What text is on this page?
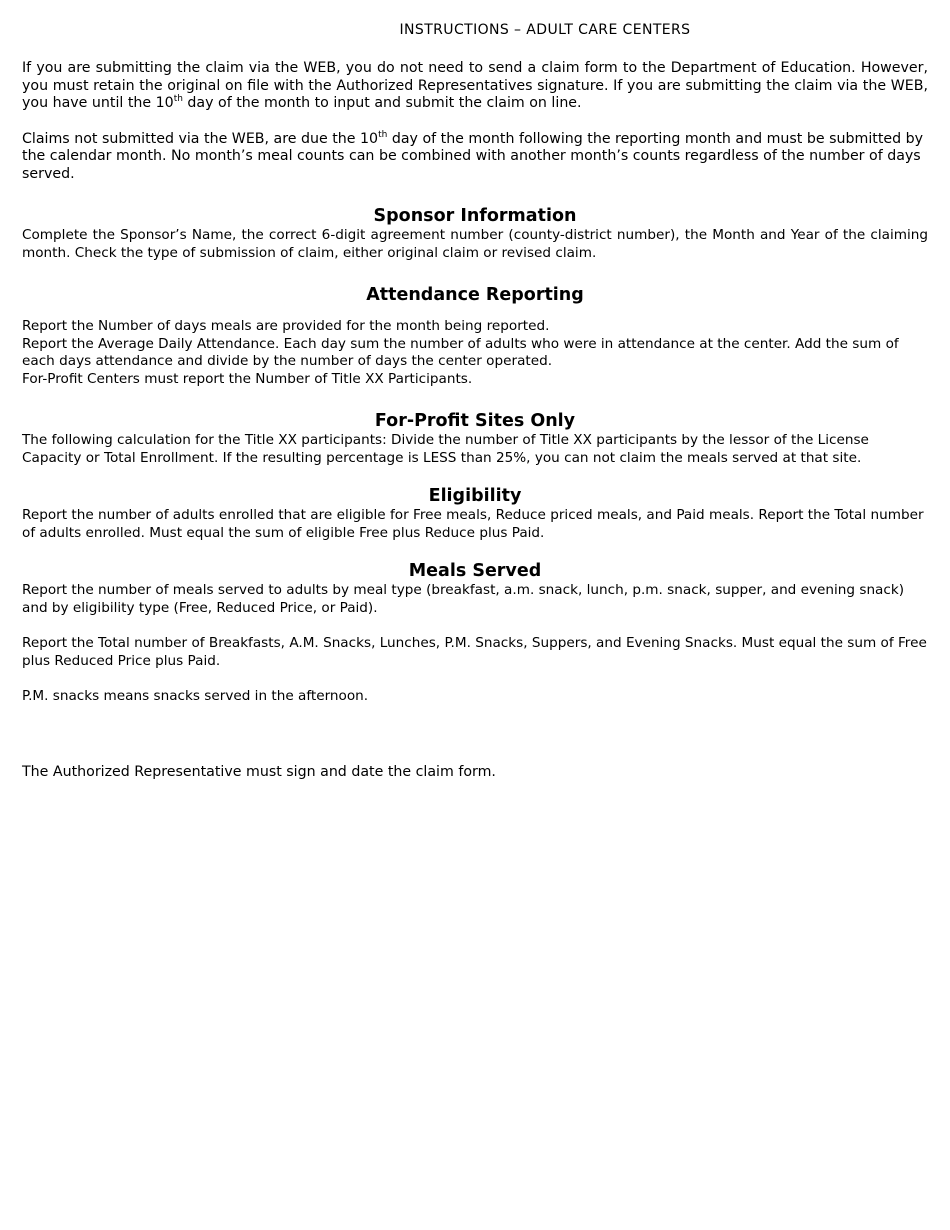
INSTRUCTIONS – ADULT CARE CENTERS

If you are submitting the claim via the WEB, you do not need to send a claim form to the Department of Education. However, you must retain the original on file with the Authorized Representatives signature. If you are submitting the claim via the WEB, you have until the 10th day of the month to input and submit the claim on line.

Claims not submitted via the WEB, are due the 10th day of the month following the reporting month and must be submitted by the calendar month. No month’s meal counts can be combined with another month’s counts regardless of the number of days served.

Sponsor Information

Complete the Sponsor’s Name, the correct 6-digit agreement number (county-district number), the Month and Year of the claiming month. Check the type of submission of claim, either original claim or revised claim.

Attendance Reporting

Report the Number of days meals are provided for the month being reported.

Report the Average Daily Attendance. Each day sum the number of adults who were in attendance at the center. Add the sum of each days attendance and divide by the number of days the center operated.

For-Profit Centers must report the Number of Title XX Participants.

For-Profit Sites Only

The following calculation for the Title XX participants: Divide the number of Title XX participants by the lessor of the License Capacity or Total Enrollment. If the resulting percentage is LESS than 25%, you can not claim the meals served at that site.

Eligibility

Report the number of adults enrolled that are eligible for Free meals, Reduce priced meals, and Paid meals. Report the Total number of adults enrolled. Must equal the sum of eligible Free plus Reduce plus Paid.

Meals Served

Report the number of meals served to adults by meal type (breakfast, a.m. snack, lunch, p.m. snack, supper, and evening snack) and by eligibility type (Free, Reduced Price, or Paid).

Report the Total number of Breakfasts, A.M. Snacks, Lunches, P.M. Snacks, Suppers, and Evening Snacks. Must equal the sum of Free plus Reduced Price plus Paid.

P.M. snacks means snacks served in the afternoon.

The Authorized Representative must sign and date the claim form.
